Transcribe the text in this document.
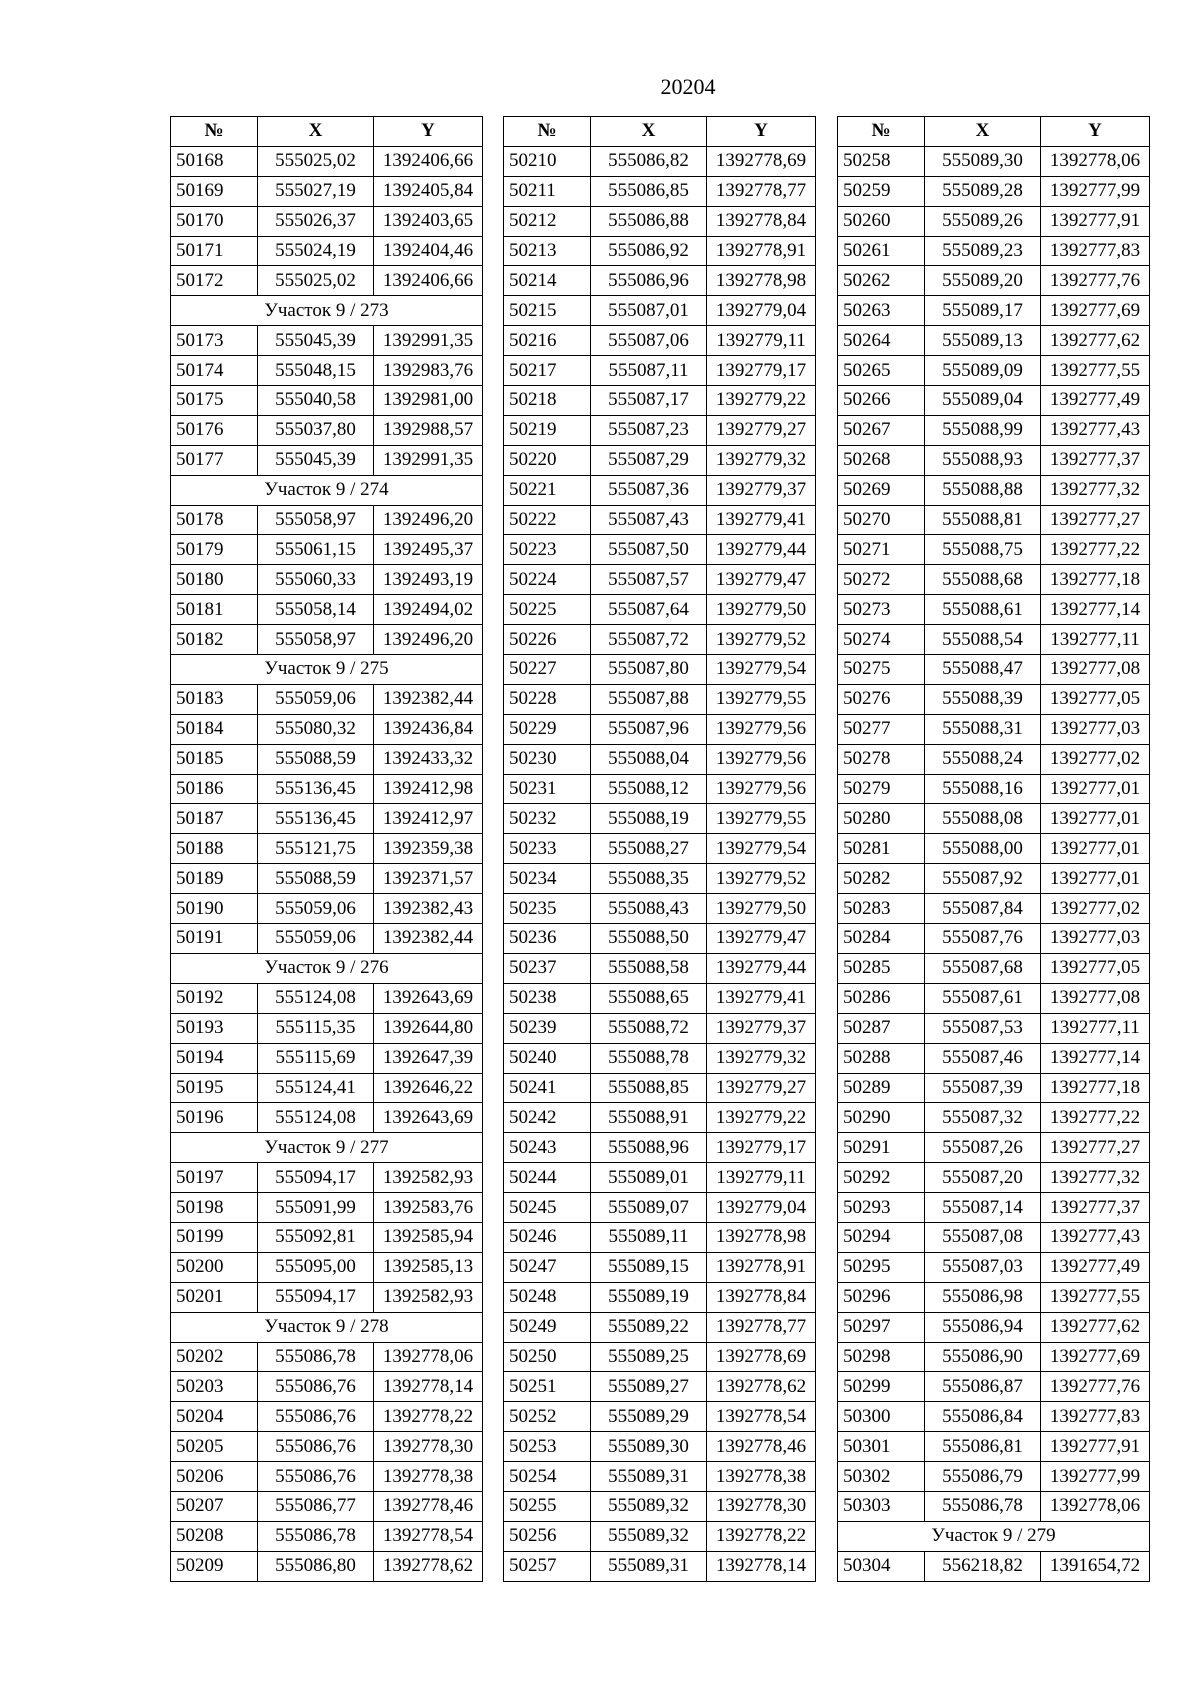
20204
№	X	Y
50168	555025,02	1392406,66
50169	555027,19	1392405,84
50170	555026,37	1392403,65
50171	555024,19	1392404,46
50172	555025,02	1392406,66
Участок 9 / 273		
50173	555045,39	1392991,35
50174	555048,15	1392983,76
50175	555040,58	1392981,00
50176	555037,80	1392988,57
50177	555045,39	1392991,35
Участок 9 / 274		
50178	555058,97	1392496,20
50179	555061,15	1392495,37
50180	555060,33	1392493,19
50181	555058,14	1392494,02
50182	555058,97	1392496,20
Участок 9 / 275		
50183	555059,06	1392382,44
50184	555080,32	1392436,84
50185	555088,59	1392433,32
50186	555136,45	1392412,98
50187	555136,45	1392412,97
50188	555121,75	1392359,38
50189	555088,59	1392371,57
50190	555059,06	1392382,43
50191	555059,06	1392382,44
Участок 9 / 276		
50192	555124,08	1392643,69
50193	555115,35	1392644,80
50194	555115,69	1392647,39
50195	555124,41	1392646,22
50196	555124,08	1392643,69
Участок 9 / 277		
50197	555094,17	1392582,93
50198	555091,99	1392583,76
50199	555092,81	1392585,94
50200	555095,00	1392585,13
50201	555094,17	1392582,93
Участок 9 / 278		
50202	555086,78	1392778,06
50203	555086,76	1392778,14
50204	555086,76	1392778,22
50205	555086,76	1392778,30
50206	555086,76	1392778,38
50207	555086,77	1392778,46
50208	555086,78	1392778,54
50209	555086,80	1392778,62
№	X	Y
50210	555086,82	1392778,69
50211	555086,85	1392778,77
50212	555086,88	1392778,84
50213	555086,92	1392778,91
50214	555086,96	1392778,98
50215	555087,01	1392779,04
50216	555087,06	1392779,11
50217	555087,11	1392779,17
50218	555087,17	1392779,22
50219	555087,23	1392779,27
50220	555087,29	1392779,32
50221	555087,36	1392779,37
50222	555087,43	1392779,41
50223	555087,50	1392779,44
50224	555087,57	1392779,47
50225	555087,64	1392779,50
50226	555087,72	1392779,52
50227	555087,80	1392779,54
50228	555087,88	1392779,55
50229	555087,96	1392779,56
50230	555088,04	1392779,56
50231	555088,12	1392779,56
50232	555088,19	1392779,55
50233	555088,27	1392779,54
50234	555088,35	1392779,52
50235	555088,43	1392779,50
50236	555088,50	1392779,47
50237	555088,58	1392779,44
50238	555088,65	1392779,41
50239	555088,72	1392779,37
50240	555088,78	1392779,32
50241	555088,85	1392779,27
50242	555088,91	1392779,22
50243	555088,96	1392779,17
50244	555089,01	1392779,11
50245	555089,07	1392779,04
50246	555089,11	1392778,98
50247	555089,15	1392778,91
50248	555089,19	1392778,84
50249	555089,22	1392778,77
50250	555089,25	1392778,69
50251	555089,27	1392778,62
50252	555089,29	1392778,54
50253	555089,30	1392778,46
50254	555089,31	1392778,38
50255	555089,32	1392778,30
50256	555089,32	1392778,22
50257	555089,31	1392778,14
№	X	Y
50258	555089,30	1392778,06
50259	555089,28	1392777,99
50260	555089,26	1392777,91
50261	555089,23	1392777,83
50262	555089,20	1392777,76
50263	555089,17	1392777,69
50264	555089,13	1392777,62
50265	555089,09	1392777,55
50266	555089,04	1392777,49
50267	555088,99	1392777,43
50268	555088,93	1392777,37
50269	555088,88	1392777,32
50270	555088,81	1392777,27
50271	555088,75	1392777,22
50272	555088,68	1392777,18
50273	555088,61	1392777,14
50274	555088,54	1392777,11
50275	555088,47	1392777,08
50276	555088,39	1392777,05
50277	555088,31	1392777,03
50278	555088,24	1392777,02
50279	555088,16	1392777,01
50280	555088,08	1392777,01
50281	555088,00	1392777,01
50282	555087,92	1392777,01
50283	555087,84	1392777,02
50284	555087,76	1392777,03
50285	555087,68	1392777,05
50286	555087,61	1392777,08
50287	555087,53	1392777,11
50288	555087,46	1392777,14
50289	555087,39	1392777,18
50290	555087,32	1392777,22
50291	555087,26	1392777,27
50292	555087,20	1392777,32
50293	555087,14	1392777,37
50294	555087,08	1392777,43
50295	555087,03	1392777,49
50296	555086,98	1392777,55
50297	555086,94	1392777,62
50298	555086,90	1392777,69
50299	555086,87	1392777,76
50300	555086,84	1392777,83
50301	555086,81	1392777,91
50302	555086,79	1392777,99
50303	555086,78	1392778,06
Участок 9 / 279		
50304	556218,82	1391654,72
